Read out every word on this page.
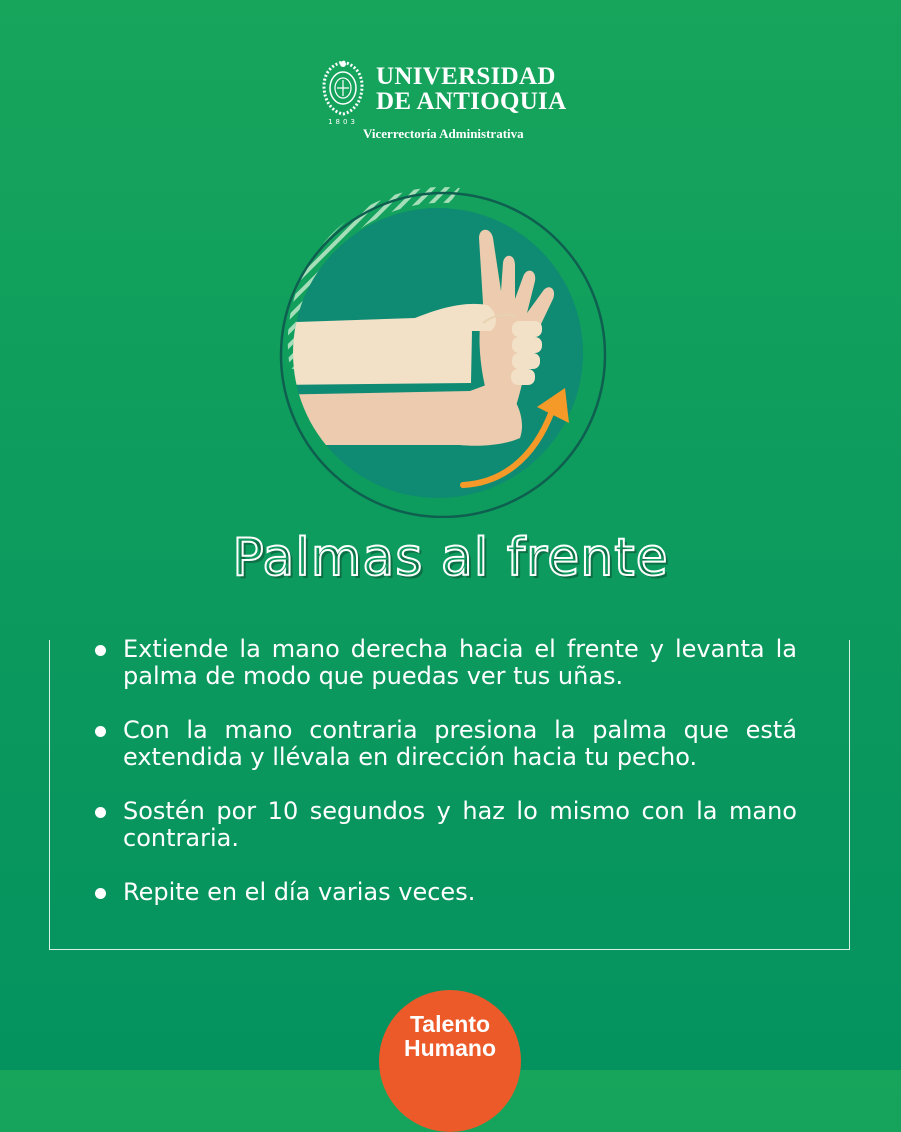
1803
UNIVERSIDAD
DE ANTIOQUIA
Vicerrectoría Administrativa
Palmas al frente
Extiende la mano derecha hacia el frente y levanta la palma de modo que puedas ver tus uñas.
Con la mano contraria presiona la palma que está extendida y llévala en dirección hacia tu pecho.
Sostén por 10 segundos y haz lo mismo con la mano contraria.
Repite en el día varias veces.
Talento
Humano
